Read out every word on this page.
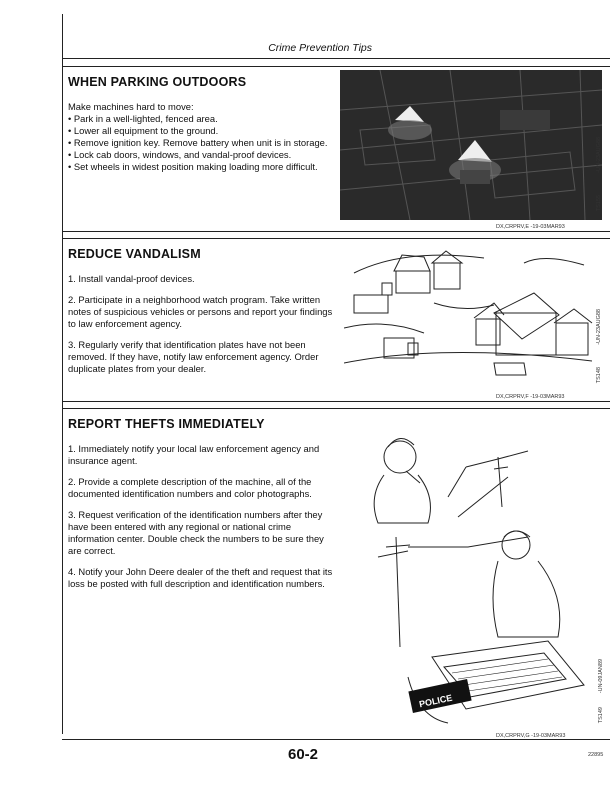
Crime Prevention Tips
WHEN PARKING OUTDOORS
Make machines hard to move:
• Park in a well-lighted, fenced area.
• Lower all equipment to the ground.
• Remove ignition key. Remove battery when unit is in storage.
• Lock cab doors, windows, and vandal-proof devices.
• Set wheels in widest position making loading more difficult.	-UN-23AUG88
TS155
DX,CRPRV,E -19-03MAR93
REDUCE VANDALISM

1. Install vandal-proof devices.

2. Participate in a neighborhood watch program. Take written notes of suspicious vehicles or persons and report your findings to law enforcement agency.

3. Regularly verify that identification plates have not been removed. If they have, notify law enforcement agency. Order duplicate plates from your dealer.

-UN-23AUG88
TS148
DX,CRPRV,F -19-03MAR93
REPORT THEFTS IMMEDIATELY

1. Immediately notify your local law enforcement agency and insurance agent.

2. Provide a complete description of the machine, all of the documented identification numbers and color photographs.

3. Request verification of the identification numbers after they have been entered with any regional or national crime information center. Double check the numbers to be sure they are correct.

4. Notify your John Deere dealer of the theft and request that its loss be posted with full description and identification numbers.

POLICE
-UN-09JAN89
TS149
DX,CRPRV,G -19-03MAR93
60-2	22895
